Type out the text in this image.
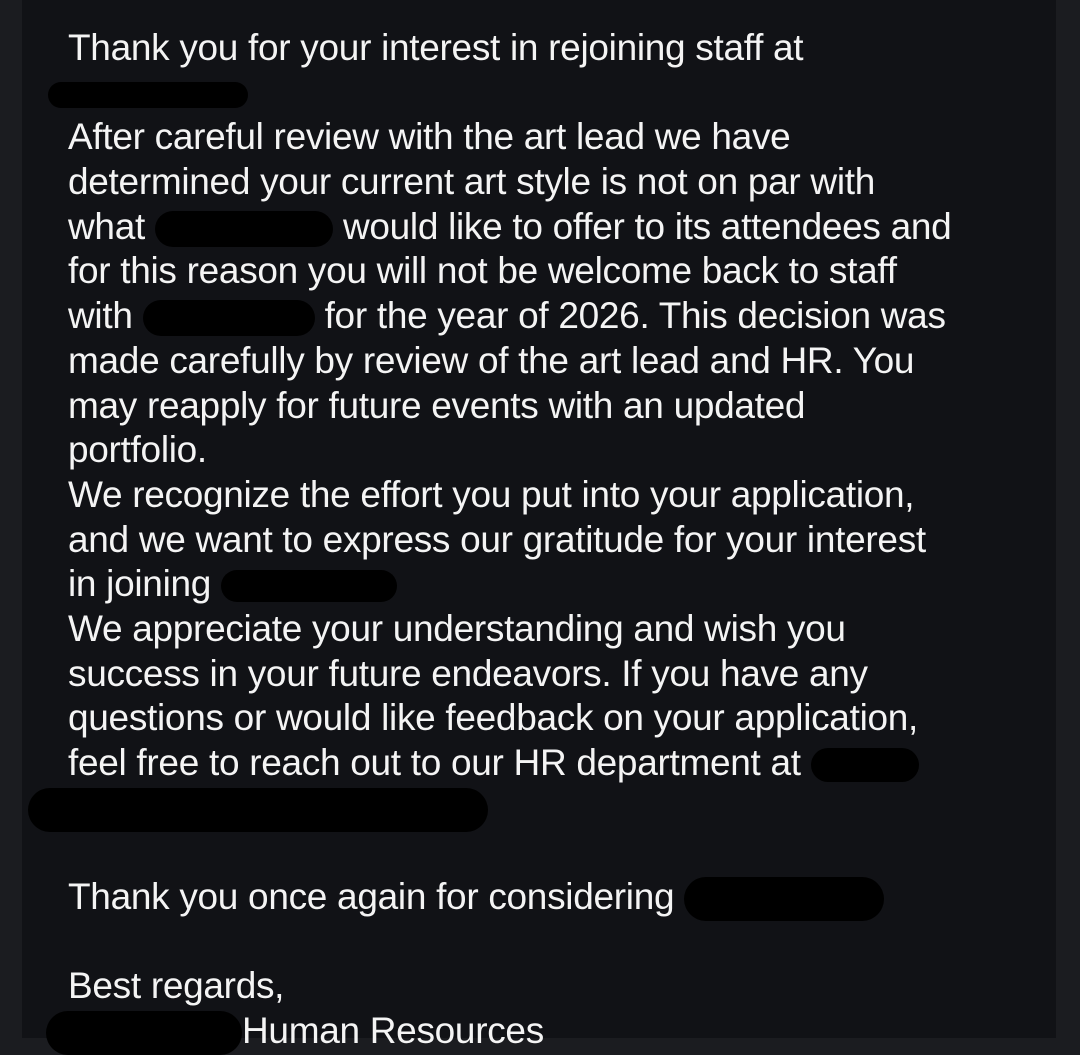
Thank you for your interest in rejoining staff at
After careful review with the art lead we have
determined your current art style is not on par with
what	would like to offer to its attendees and
for this reason you will not be welcome back to staff
with	for the year of 2026. This decision was
made carefully by review of the art lead and HR. You
may reapply for future events with an updated
portfolio.
We recognize the effort you put into your application,
and we want to express our gratitude for your interest
in joining
We appreciate your understanding and wish you
success in your future endeavors. If you have any
questions or would like feedback on your application,
feel free to reach out to our HR department at
Thank you once again for considering
Best regards,
Human Resources
